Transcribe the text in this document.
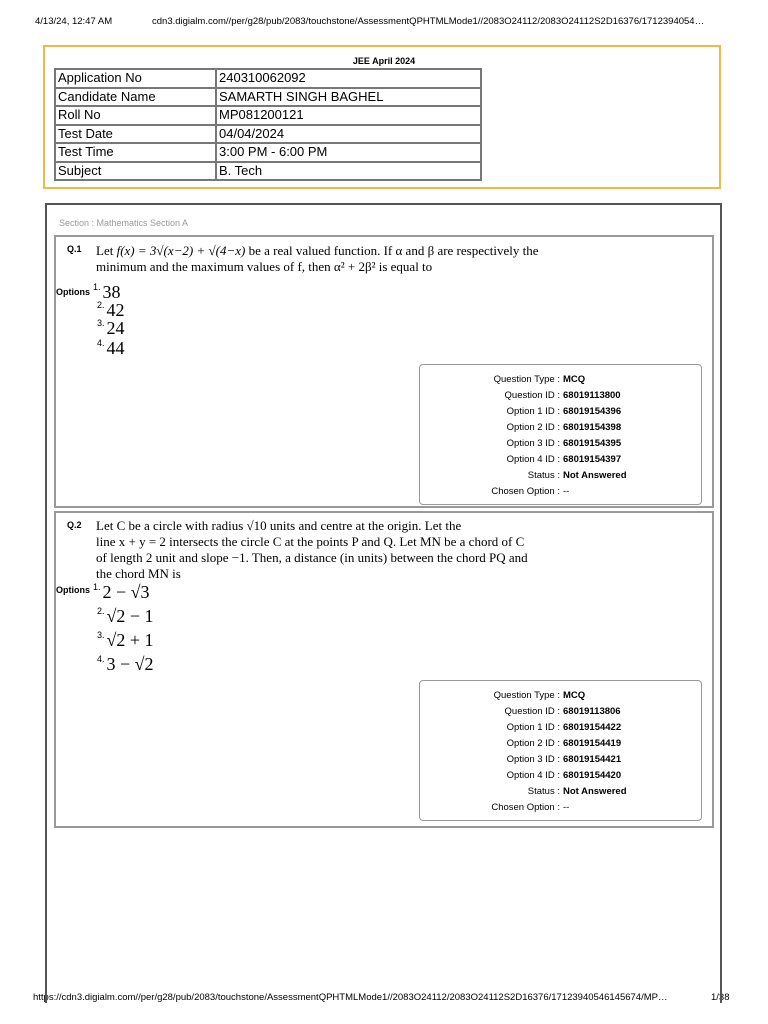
4/13/24, 12:47 AM	cdn3.digialm.com//per/g28/pub/2083/touchstone/AssessmentQPHTMLMode1//2083O24112/2083O24112S2D16376/1712394054…
https://cdn3.digialm.com//per/g28/pub/2083/touchstone/AssessmentQPHTMLMode1//2083O24112/2083O24112S2D16376/17123940546145674/MP…	1/38
JEE April 2024
Application No	240310062092
Candidate Name	SAMARTH SINGH BAGHEL
Roll No	MP081200121
Test Date	04/04/2024
Test Time	3:00 PM - 6:00 PM
Subject	B. Tech
Section : Mathematics Section A
Q.1 Let f(x) = 3√(x−2) + √(4−x) be a real valued function. If α and β are respectively the
minimum and the maximum values of f, then α² + 2β² is equal to
Options $^{1.}$ 38
$^{2.}$ 42
$^{3.}$ 24
$^{4.}$ 44
Question Type : MCQ
Question ID : 68019113800
Option 1 ID : 68019154396
Option 2 ID : 68019154398
Option 3 ID : 68019154395
Option 4 ID : 68019154397
Status : Not Answered
Chosen Option : --
Q.2 Let C be a circle with radius √10 units and centre at the origin. Let the
line x + y = 2 intersects the circle C at the points P and Q. Let MN be a chord of C
of length 2 unit and slope −1. Then, a distance (in units) between the chord PQ and
the chord MN is
Options $^{1.}$ 2 − √3
$^{2.}$ √2 − 1
$^{3.}$ √2 + 1
$^{4.}$ 3 − √2
Question Type : MCQ
Question ID : 68019113806
Option 1 ID : 68019154422
Option 2 ID : 68019154419
Option 3 ID : 68019154421
Option 4 ID : 68019154420
Status : Not Answered
Chosen Option : --
